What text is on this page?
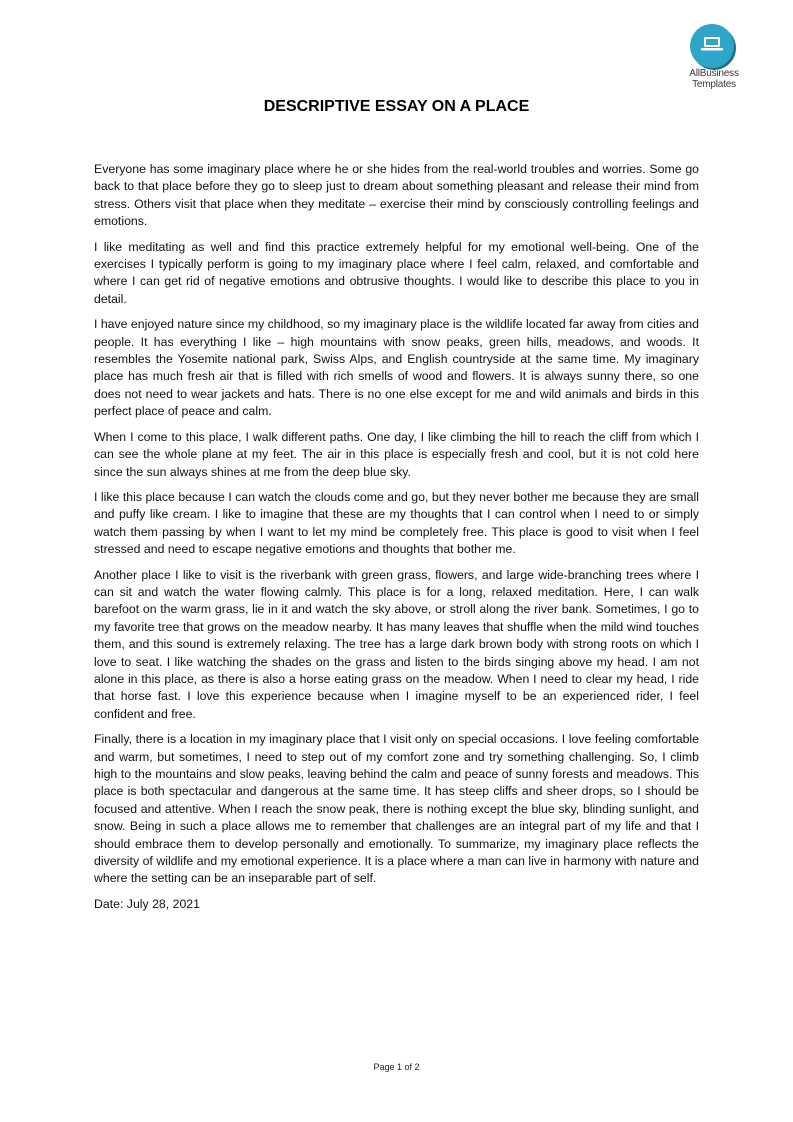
AllBusiness
Templates
DESCRIPTIVE ESSAY ON A PLACE

Everyone has some imaginary place where he or she hides from the real-world troubles and worries. Some go back to that place before they go to sleep just to dream about something pleasant and release their mind from stress. Others visit that place when they meditate – exercise their mind by consciously controlling feelings and emotions.

I like meditating as well and find this practice extremely helpful for my emotional well-being. One of the exercises I typically perform is going to my imaginary place where I feel calm, relaxed, and comfortable and where I can get rid of negative emotions and obtrusive thoughts. I would like to describe this place to you in detail.

I have enjoyed nature since my childhood, so my imaginary place is the wildlife located far away from cities and people. It has everything I like – high mountains with snow peaks, green hills, meadows, and woods. It resembles the Yosemite national park, Swiss Alps, and English countryside at the same time. My imaginary place has much fresh air that is filled with rich smells of wood and flowers. It is always sunny there, so one does not need to wear jackets and hats. There is no one else except for me and wild animals and birds in this perfect place of peace and calm.

When I come to this place, I walk different paths. One day, I like climbing the hill to reach the cliff from which I can see the whole plane at my feet. The air in this place is especially fresh and cool, but it is not cold here since the sun always shines at me from the deep blue sky.

I like this place because I can watch the clouds come and go, but they never bother me because they are small and puffy like cream. I like to imagine that these are my thoughts that I can control when I need to or simply watch them passing by when I want to let my mind be completely free. This place is good to visit when I feel stressed and need to escape negative emotions and thoughts that bother me.

Another place I like to visit is the riverbank with green grass, flowers, and large wide-branching trees where I can sit and watch the water flowing calmly. This place is for a long, relaxed meditation. Here, I can walk barefoot on the warm grass, lie in it and watch the sky above, or stroll along the river bank. Sometimes, I go to my favorite tree that grows on the meadow nearby. It has many leaves that shuffle when the mild wind touches them, and this sound is extremely relaxing. The tree has a large dark brown body with strong roots on which I love to seat. I like watching the shades on the grass and listen to the birds singing above my head. I am not alone in this place, as there is also a horse eating grass on the meadow. When I need to clear my head, I ride that horse fast. I love this experience because when I imagine myself to be an experienced rider, I feel confident and free.

Finally, there is a location in my imaginary place that I visit only on special occasions. I love feeling comfortable and warm, but sometimes, I need to step out of my comfort zone and try something challenging. So, I climb high to the mountains and slow peaks, leaving behind the calm and peace of sunny forests and meadows. This place is both spectacular and dangerous at the same time. It has steep cliffs and sheer drops, so I should be focused and attentive. When I reach the snow peak, there is nothing except the blue sky, blinding sunlight, and snow. Being in such a place allows me to remember that challenges are an integral part of my life and that I should embrace them to develop personally and emotionally. To summarize, my imaginary place reflects the diversity of wildlife and my emotional experience. It is a place where a man can live in harmony with nature and where the setting can be an inseparable part of self.

Date: July 28, 2021

Page 1 of 2
